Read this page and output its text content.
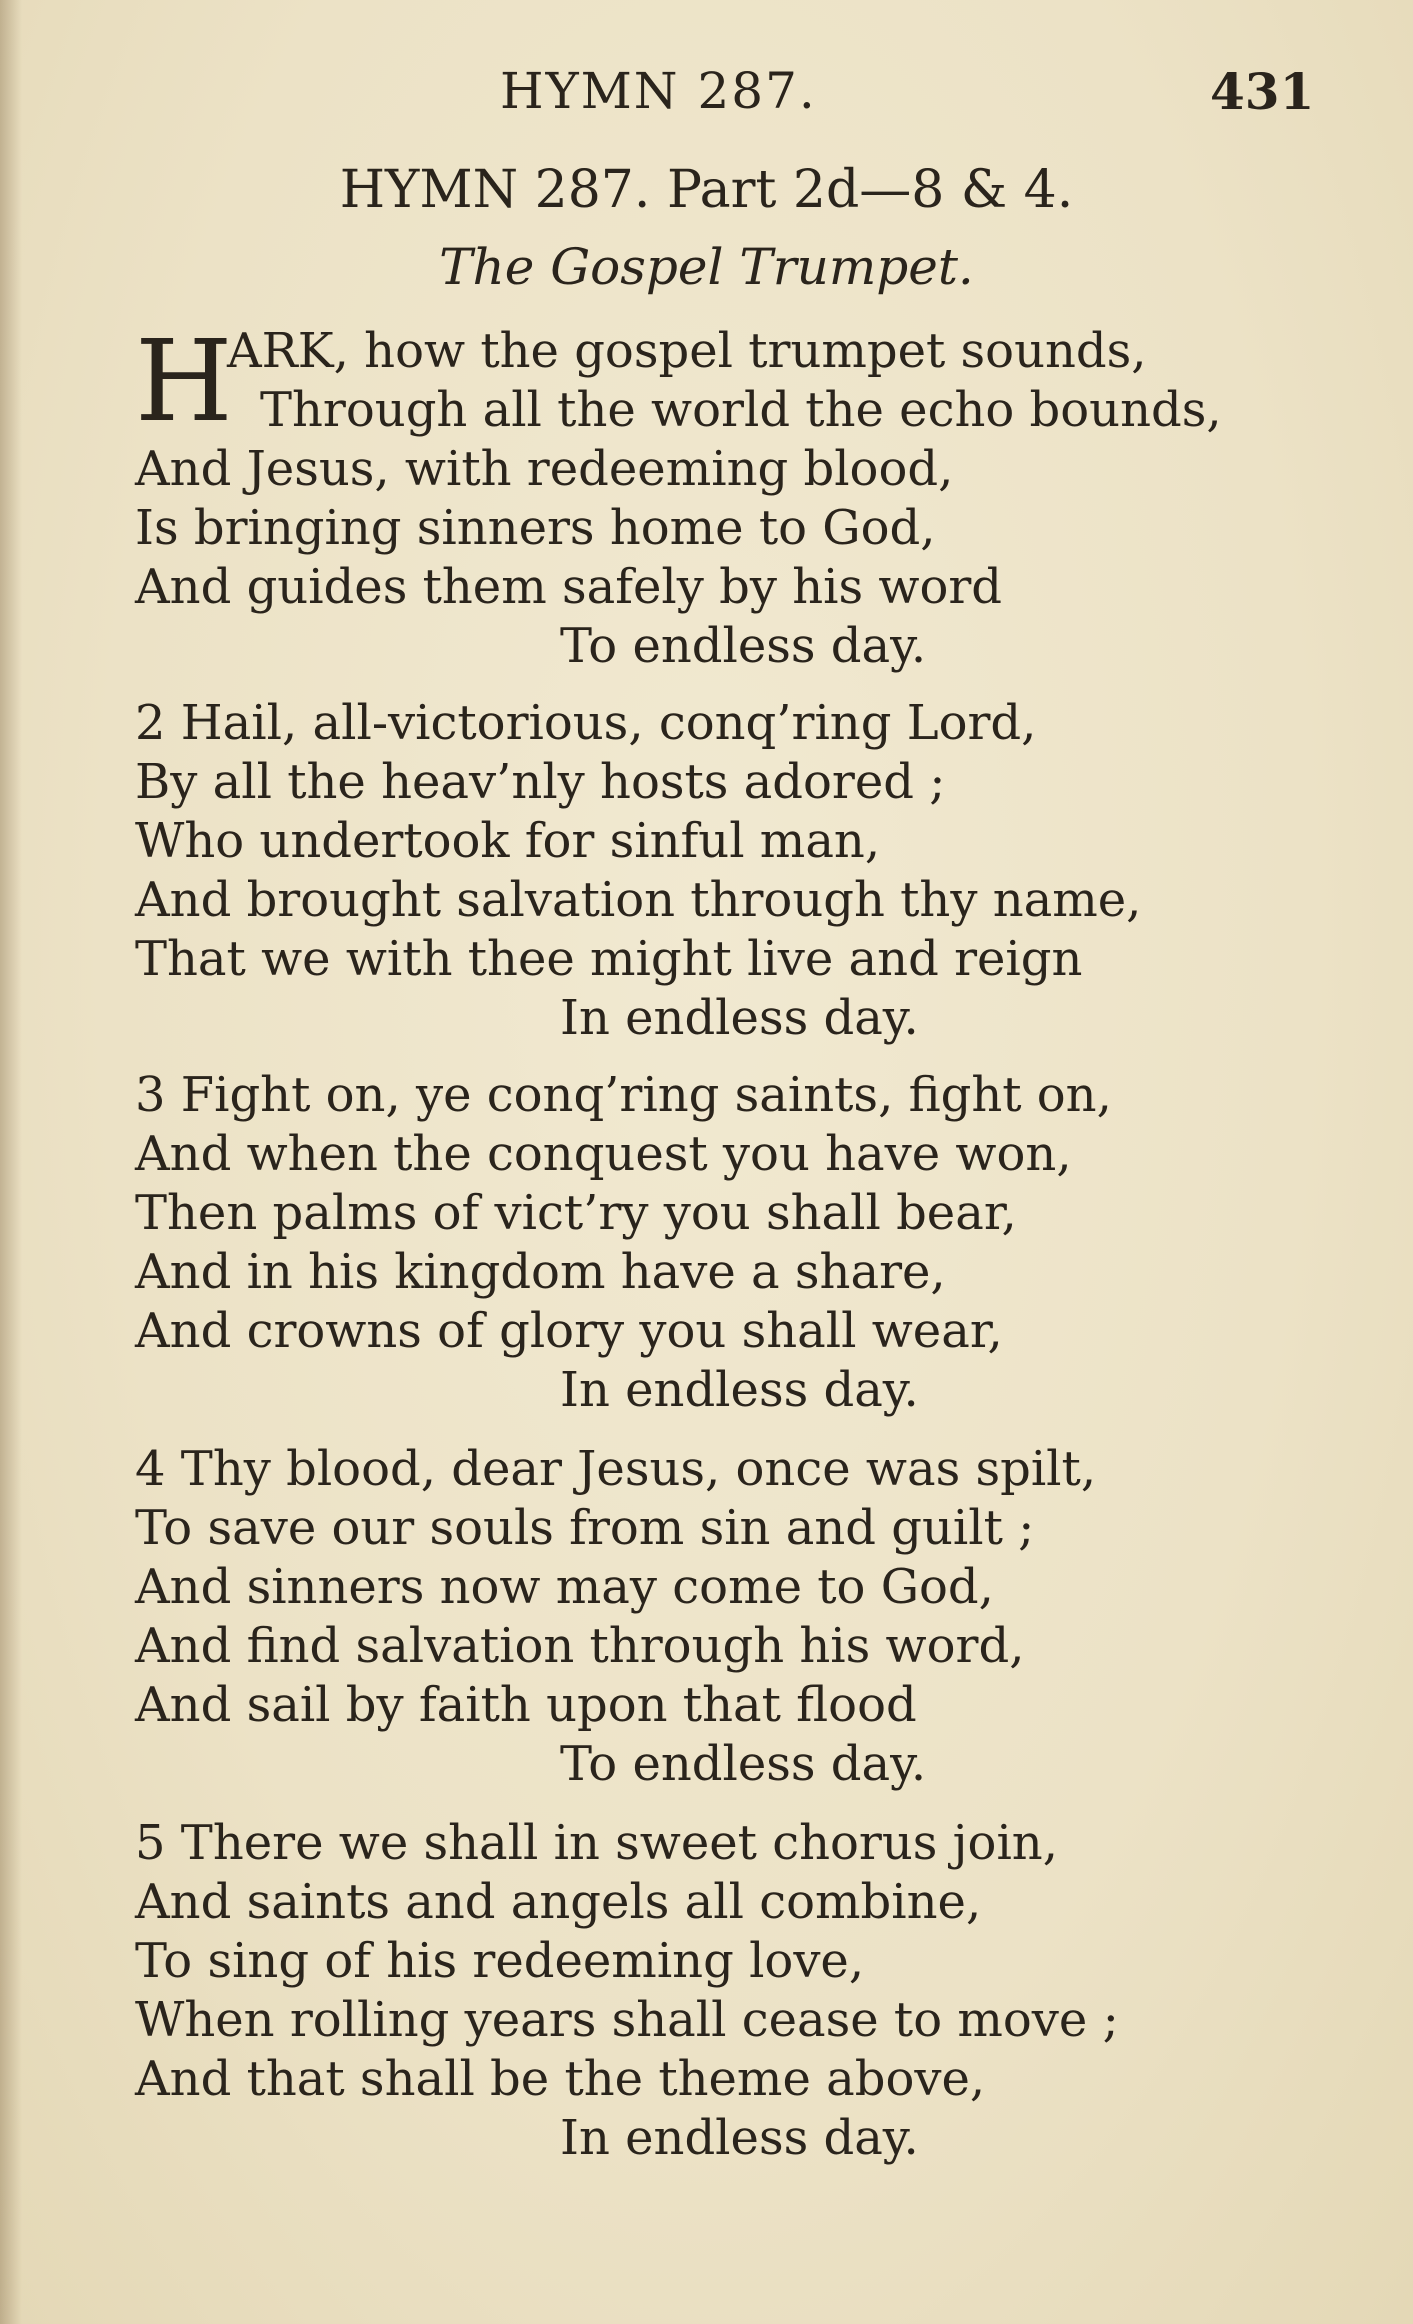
HYMN 287.	431
HYMN 287. Part 2d—8 & 4.
The Gospel Trumpet.
H
ARK, how the gospel trumpet sounds,
Through all the world the echo bounds,
And Jesus, with redeeming blood,
Is bringing sinners home to God,
And guides them safely by his word
To endless day.
2 Hail, all-victorious, conq’ring Lord,
By all the heav’nly hosts adored ;
Who undertook for sinful man,
And brought salvation through thy name,
That we with thee might live and reign
In endless day.
3 Fight on, ye conq’ring saints, fight on,
And when the conquest you have won,
Then palms of vict’ry you shall bear,
And in his kingdom have a share,
And crowns of glory you shall wear,
In endless day.
4 Thy blood, dear Jesus, once was spilt,
To save our souls from sin and guilt ;
And sinners now may come to God,
And find salvation through his word,
And sail by faith upon that flood
To endless day.
5 There we shall in sweet chorus join,
And saints and angels all combine,
To sing of his redeeming love,
When rolling years shall cease to move ;
And that shall be the theme above,
In endless day.
